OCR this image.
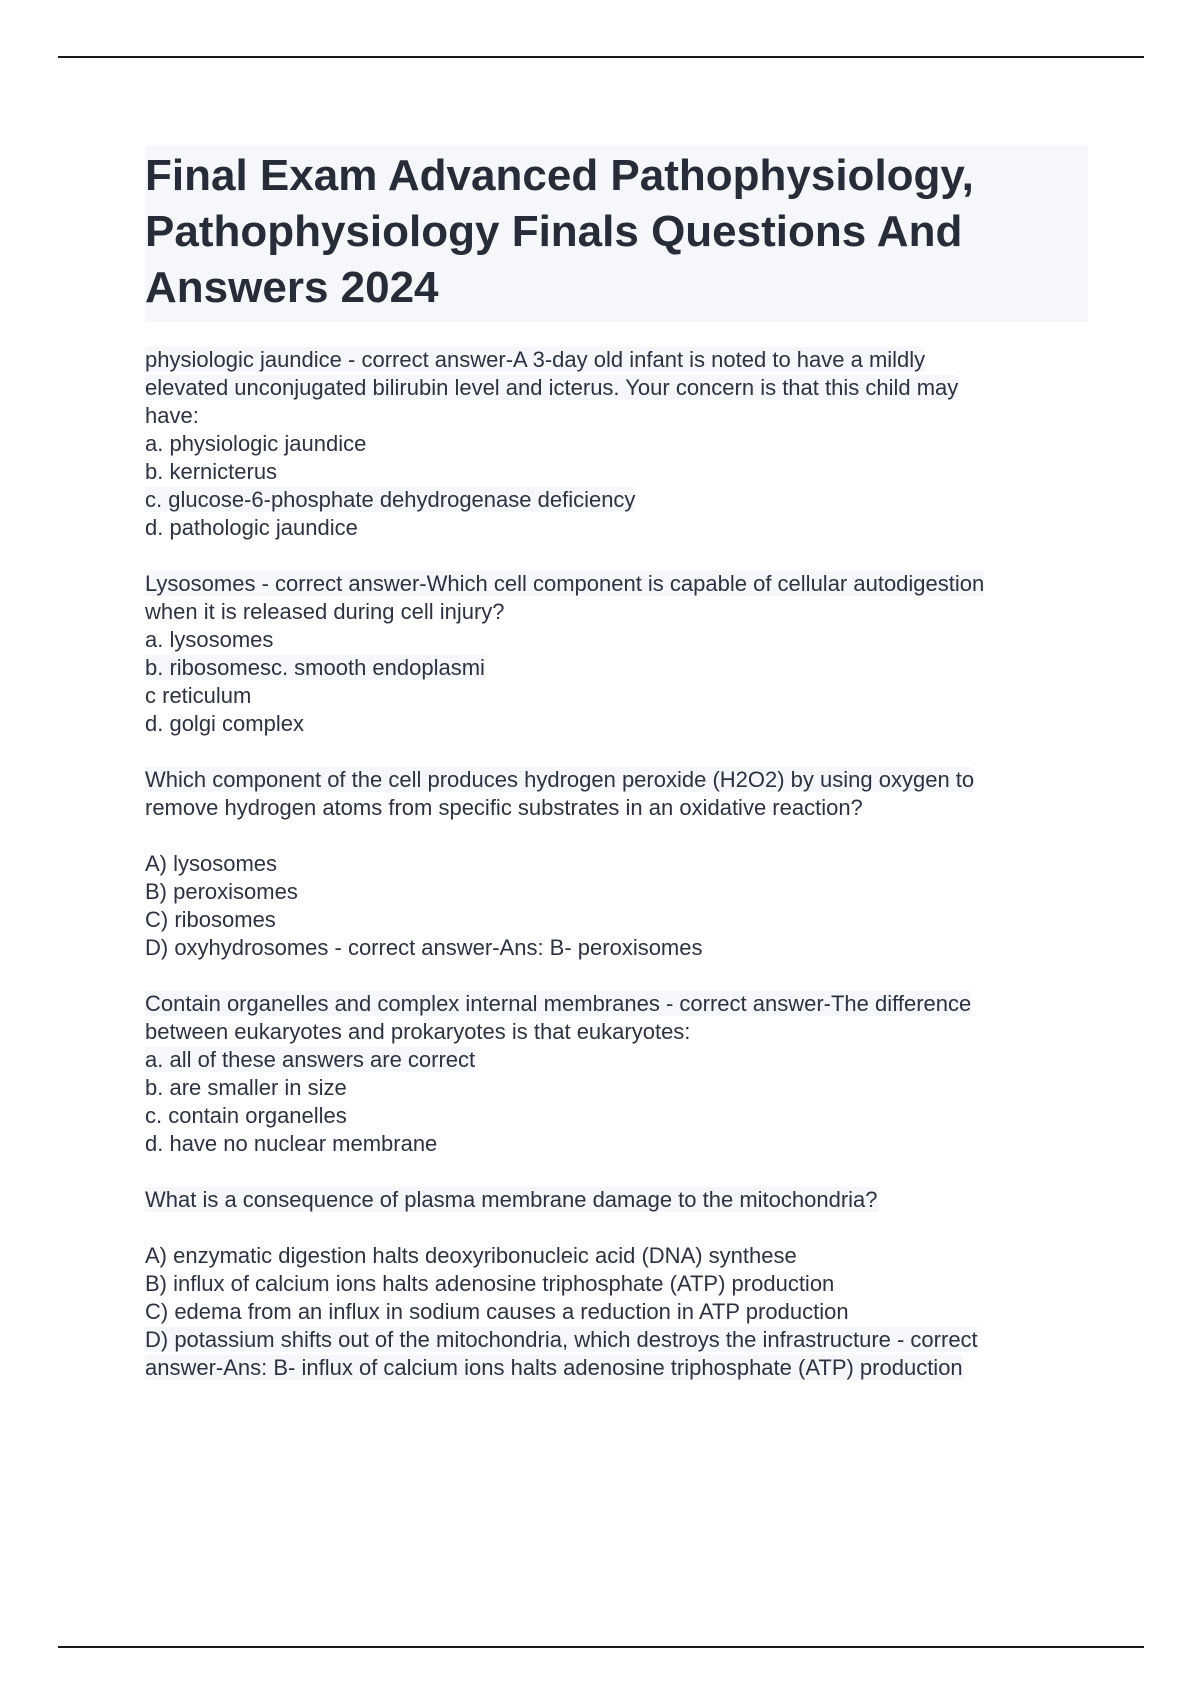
Final Exam Advanced Pathophysiology,
Pathophysiology Finals Questions And
Answers 2024
physiologic jaundice - correct answer-A 3-day old infant is noted to have a mildly
elevated unconjugated bilirubin level and icterus. Your concern is that this child may
have:
a. physiologic jaundice
b. kernicterus
c. glucose-6-phosphate dehydrogenase deficiency
d. pathologic jaundice
Lysosomes - correct answer-Which cell component is capable of cellular autodigestion
when it is released during cell injury?
a. lysosomes
b. ribosomesc. smooth endoplasmi
c reticulum
d. golgi complex
Which component of the cell produces hydrogen peroxide (H2O2) by using oxygen to
remove hydrogen atoms from specific substrates in an oxidative reaction?
A) lysosomes
B) peroxisomes
C) ribosomes
D) oxyhydrosomes - correct answer-Ans: B- peroxisomes
Contain organelles and complex internal membranes - correct answer-The difference
between eukaryotes and prokaryotes is that eukaryotes:
a. all of these answers are correct
b. are smaller in size
c. contain organelles
d. have no nuclear membrane
What is a consequence of plasma membrane damage to the mitochondria?
A) enzymatic digestion halts deoxyribonucleic acid (DNA) synthese
B) influx of calcium ions halts adenosine triphosphate (ATP) production
C) edema from an influx in sodium causes a reduction in ATP production
D) potassium shifts out of the mitochondria, which destroys the infrastructure - correct
answer-Ans: B- influx of calcium ions halts adenosine triphosphate (ATP) production
